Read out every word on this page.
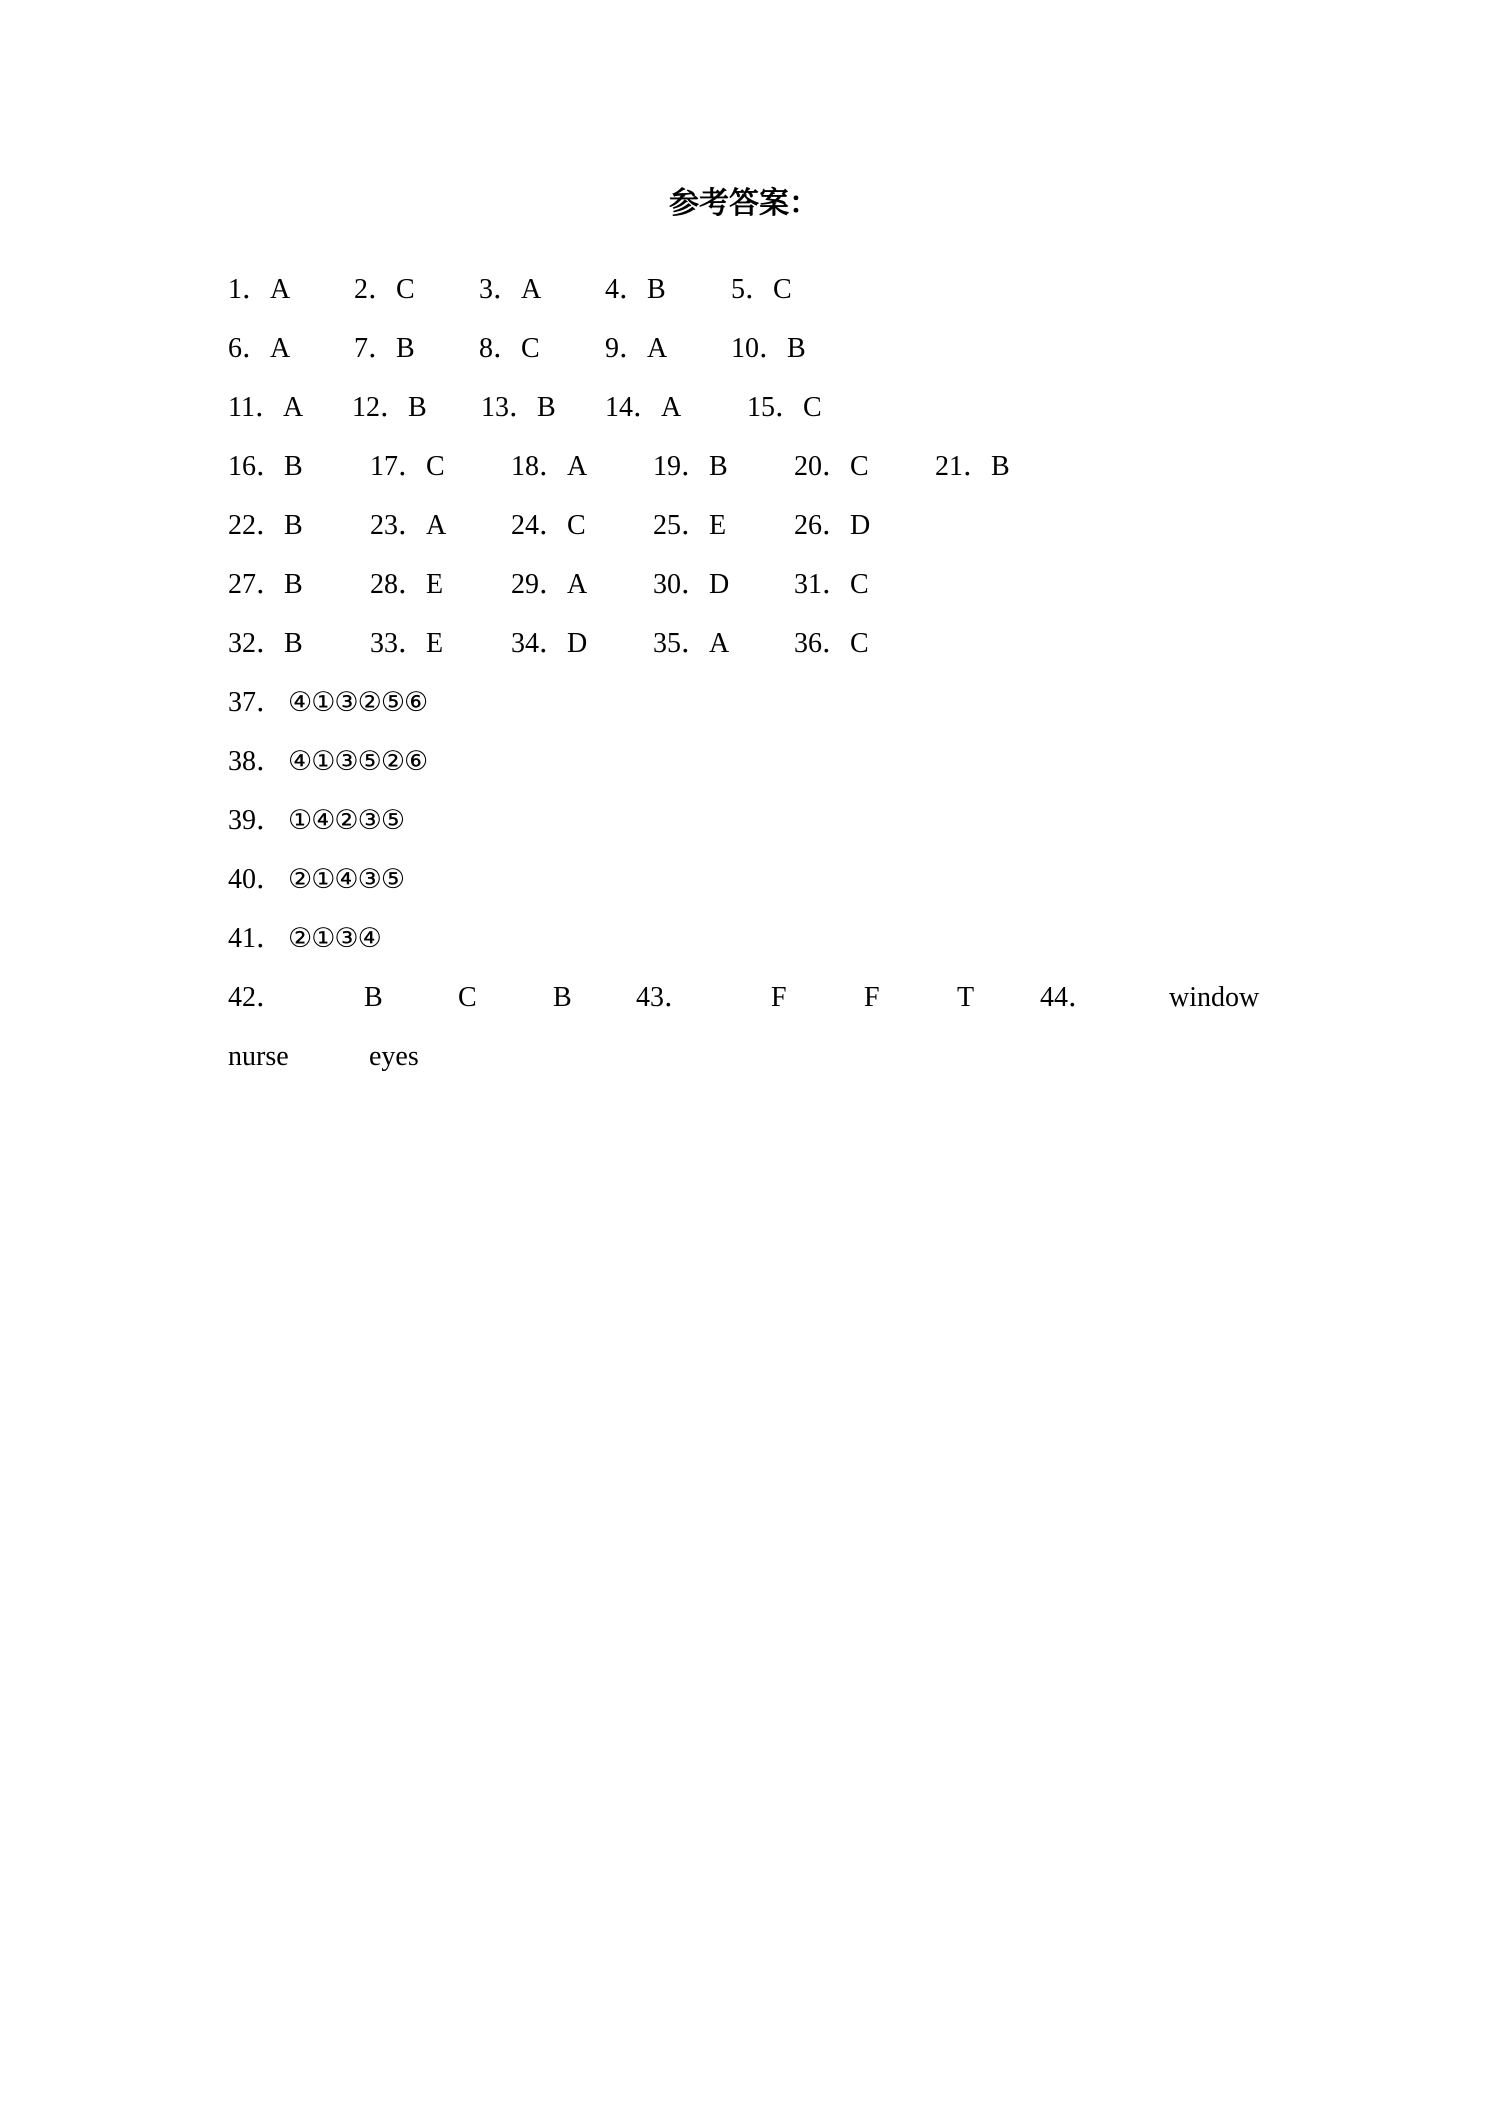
参考答案：
1．A 2．C 3．A 4．B 5．C
6．A 7．B 8．C 9．A 10．B
11．A 12．B 13．B 14．A 15．C
16．B 17．C 18．A 19．B 20．C 21．B
22．B 23．A 24．C 25．E 26．D
27．B 28．E 29．A 30．D 31．C
32．B 33．E 34．D 35．A 36．C
37． ④①③②⑤⑥
38． ④①③⑤②⑥
39． ①④②③⑤
40． ②①④③⑤
41． ②①③④
42．	B	C	B 43．	F	F	T 44．	window
nurse	eyes
